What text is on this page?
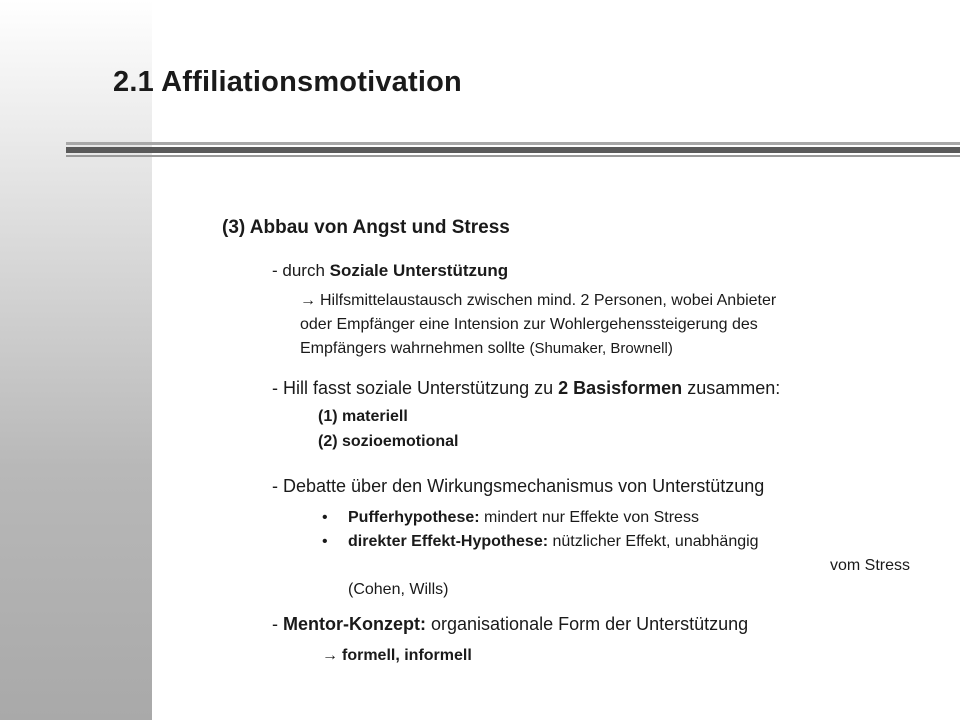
2.1 Affiliationsmotivation
(3) Abbau von Angst und Stress
- durch Soziale Unterstützung
→ Hilfsmittelaustausch zwischen mind. 2 Personen, wobei Anbieter
oder Empfänger eine Intension zur Wohlergehenssteigerung des
Empfängers wahrnehmen sollte (Shumaker, Brownell)
- Hill fasst soziale Unterstützung zu 2 Basisformen zusammen:
(1) materiell
(2) sozioemotional
- Debatte über den Wirkungsmechanismus von Unterstützung
• Pufferhypothese: mindert nur Effekte von Stress
• direkter Effekt-Hypothese: nützlicher Effekt, unabhängig
vom Stress
(Cohen, Wills)
- Mentor-Konzept: organisationale Form der Unterstützung
→ formell, informell
